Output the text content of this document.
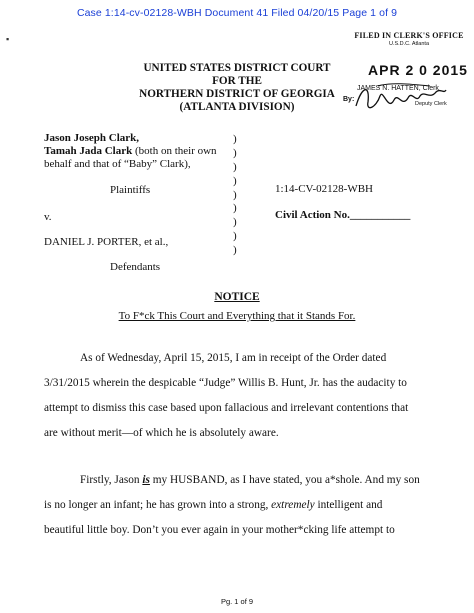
Case 1:14-cv-02128-WBH Document 41 Filed 04/20/15 Page 1 of 9
▪	FILED IN CLERK'S OFFICE
U.S.D.C. Atlanta
APR 2 0 2015
JAMES N. HATTEN, Clerk
By:
Deputy Clerk
UNITED STATES DISTRICT COURT
FOR THE
NORTHERN DISTRICT OF GEORGIA
(ATLANTA DIVISION)
Jason Joseph Clark,
Tamah Jada Clark (both on their own
behalf and that of “Baby” Clark),
Plaintiffs
v.
DANIEL J. PORTER, et al.,
Defendants
)
)
)
)
)
)
)
)
)
1:14-CV-02128-WBH
Civil Action No.___________
NOTICE
To F*ck This Court and Everything that it Stands For.

As of Wednesday, April 15, 2015, I am in receipt of the Order dated

3/31/2015 wherein the despicable “Judge” Willis B. Hunt, Jr. has the audacity to

attempt to dismiss this case based upon fallacious and irrelevant contentions that

are without merit—of which he is absolutely aware.

Firstly, Jason is my HUSBAND, as I have stated, you a*shole. And my son

is no longer an infant; he has grown into a strong, extremely intelligent and

beautiful little boy. Don’t you ever again in your mother*cking life attempt to

Pg. 1 of 9
